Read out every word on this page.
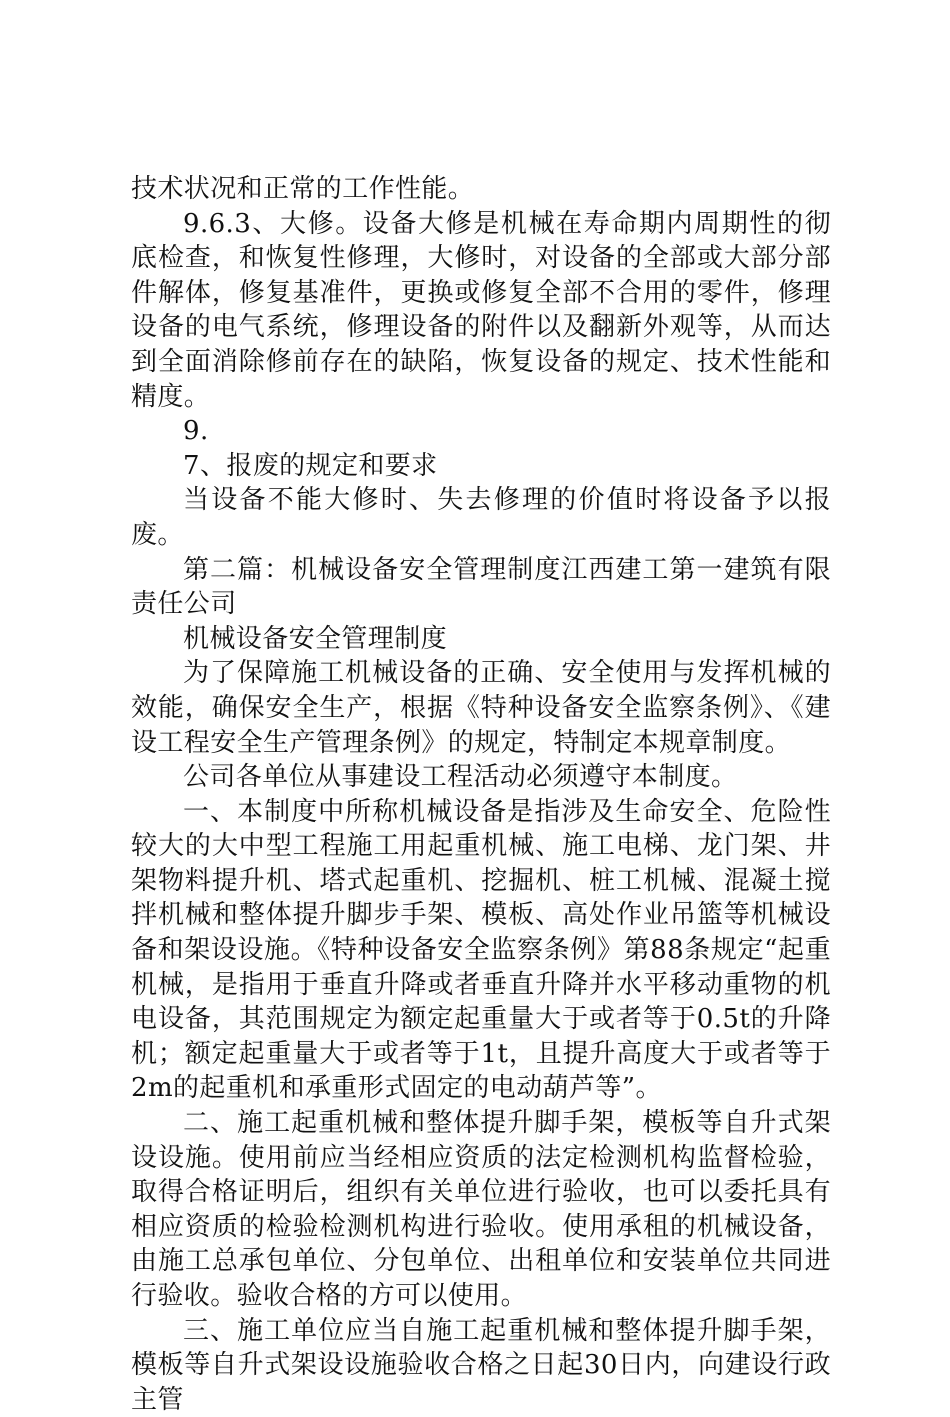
技术状况和正常的工作性能。

9.6.3、大修。设备大修是机械在寿命期内周期性的彻底检查，和恢复性修理，大修时，对设备的全部或大部分部件解体，修复基准件，更换或修复全部不合用的零件，修理设备的电气系统，修理设备的附件以及翻新外观等，从而达到全面消除修前存在的缺陷，恢复设备的规定、技术性能和精度。

9.

7、报废的规定和要求

当设备不能大修时、失去修理的价值时将设备予以报废。

第二篇：机械设备安全管理制度江西建工第一建筑有限责任公司

机械设备安全管理制度

为了保障施工机械设备的正确、安全使用与发挥机械的效能，确保安全生产，根据《特种设备安全监察条例》、《建设工程安全生产管理条例》的规定，特制定本规章制度。

公司各单位从事建设工程活动必须遵守本制度。

一、本制度中所称机械设备是指涉及生命安全、危险性较大的大中型工程施工用起重机械、施工电梯、龙门架、井架物料提升机、塔式起重机、挖掘机、桩工机械、混凝土搅拌机械和整体提升脚步手架、模板、高处作业吊篮等机械设备和架设设施。《特种设备安全监察条例》第88条规定“起重机械，是指用于垂直升降或者垂直升降并水平移动重物的机电设备，其范围规定为额定起重量大于或者等于0.5t的升降机；额定起重量大于或者等于1t，且提升高度大于或者等于2m的起重机和承重形式固定的电动葫芦等”。

二、施工起重机械和整体提升脚手架，模板等自升式架设设施。使用前应当经相应资质的法定检测机构监督检验，取得合格证明后，组织有关单位进行验收，也可以委托具有相应资质的检验检测机构进行验收。使用承租的机械设备，由施工总承包单位、分包单位、出租单位和安装单位共同进行验收。验收合格的方可以使用。

三、施工单位应当自施工起重机械和整体提升脚手架，模板等自升式架设设施验收合格之日起30日内，向建设行政主管
